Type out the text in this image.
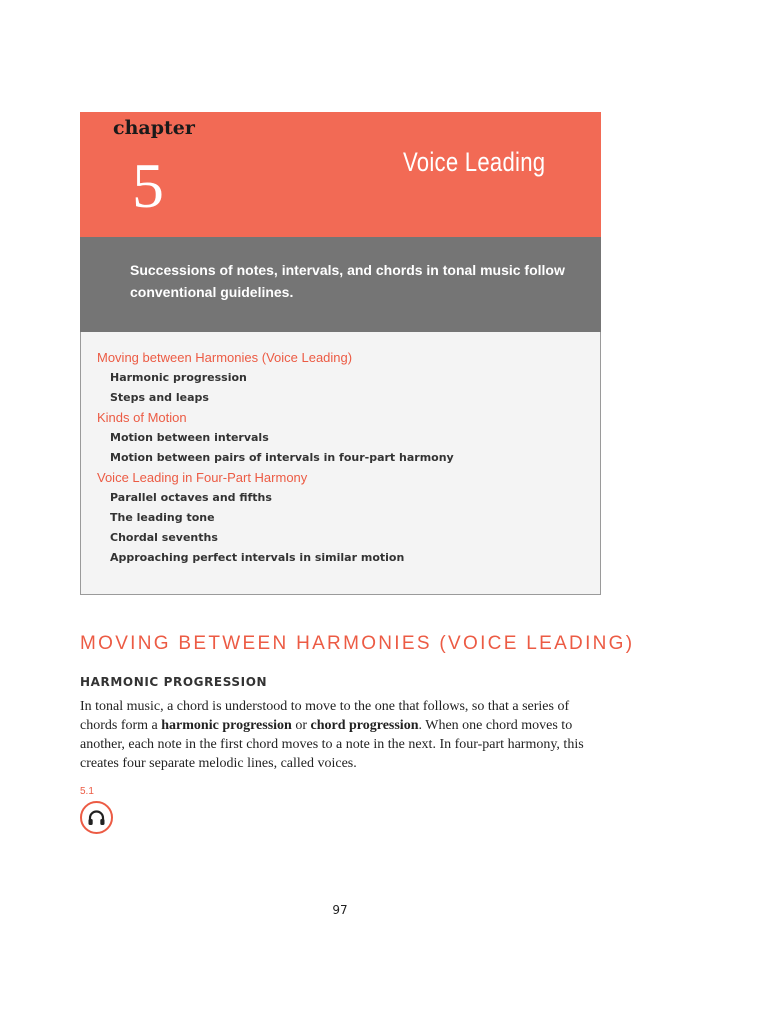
chapter
5	Voice Leading

Successions of notes, intervals, and chords in tonal music follow conventional guidelines.

Moving between Harmonies (Voice Leading)
Harmonic progression
Steps and leaps
Kinds of Motion
Motion between intervals
Motion between pairs of intervals in four-part harmony
Voice Leading in Four-Part Harmony
Parallel octaves and fifths
The leading tone
Chordal sevenths
Approaching perfect intervals in similar motion
MOVING BETWEEN HARMONIES (VOICE LEADING)
HARMONIC PROGRESSION

In tonal music, a chord is understood to move to the one that follows, so that a series of chords form a harmonic progression or chord progression. When one chord moves to another, each note in the first chord moves to a note in the next. In four-part harmony, this creates four separate melodic lines, called voices.

5.1
97
